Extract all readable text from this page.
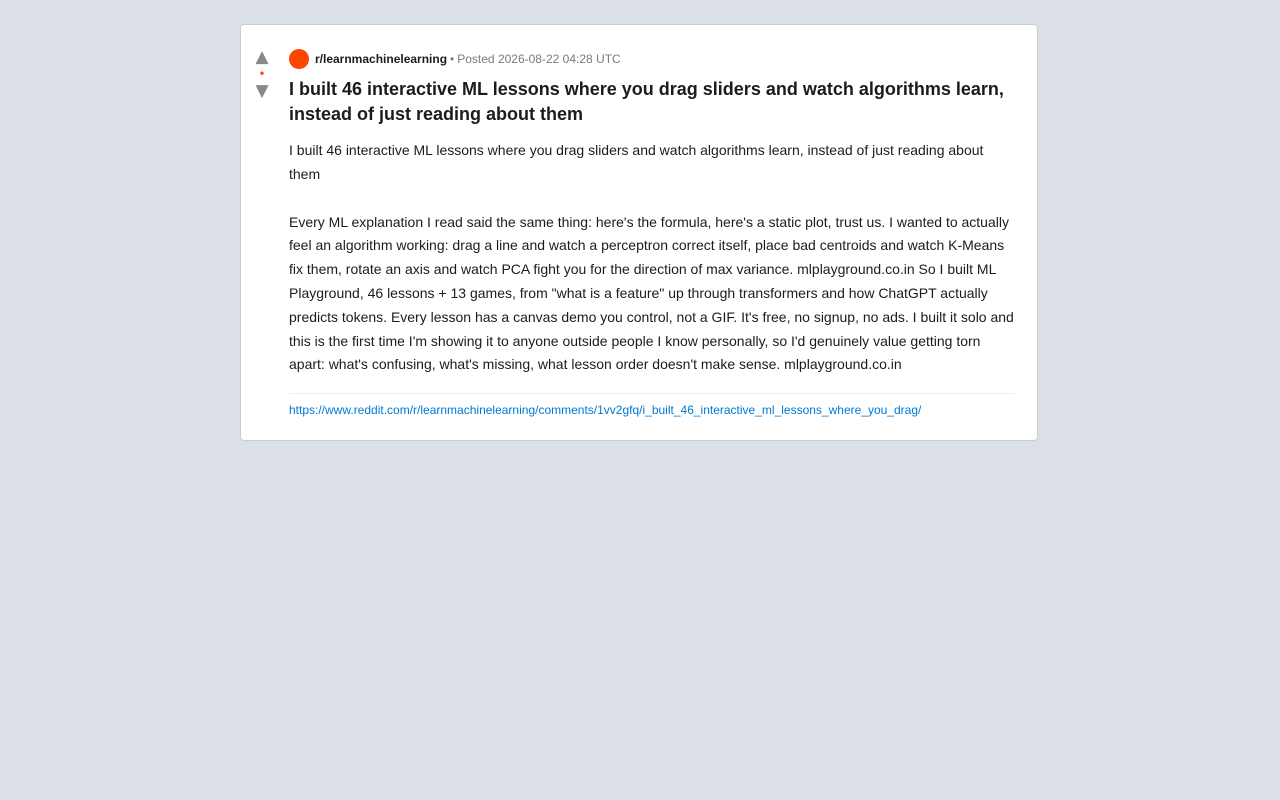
▲
•
▼
r/learnmachinelearning • Posted 2026-08-22 04:28 UTC
I built 46 interactive ML lessons where you drag sliders and watch algorithms learn, instead of just reading about them

I built 46 interactive ML lessons where you drag sliders and watch algorithms learn, instead of just reading about them

Every ML explanation I read said the same thing: here's the formula, here's a static plot, trust us. I wanted to actually feel an algorithm working: drag a line and watch a perceptron correct itself, place bad centroids and watch K-Means fix them, rotate an axis and watch PCA fight you for the direction of max variance. mlplayground.co.in So I built ML Playground, 46 lessons + 13 games, from "what is a feature" up through transformers and how ChatGPT actually predicts tokens. Every lesson has a canvas demo you control, not a GIF. It's free, no signup, no ads. I built it solo and this is the first time I'm showing it to anyone outside people I know personally, so I'd genuinely value getting torn apart: what's confusing, what's missing, what lesson order doesn't make sense. mlplayground.co.in

https://www.reddit.com/r/learnmachinelearning/comments/1vv2gfq/i_built_46_interactive_ml_lessons_where_you_drag/
